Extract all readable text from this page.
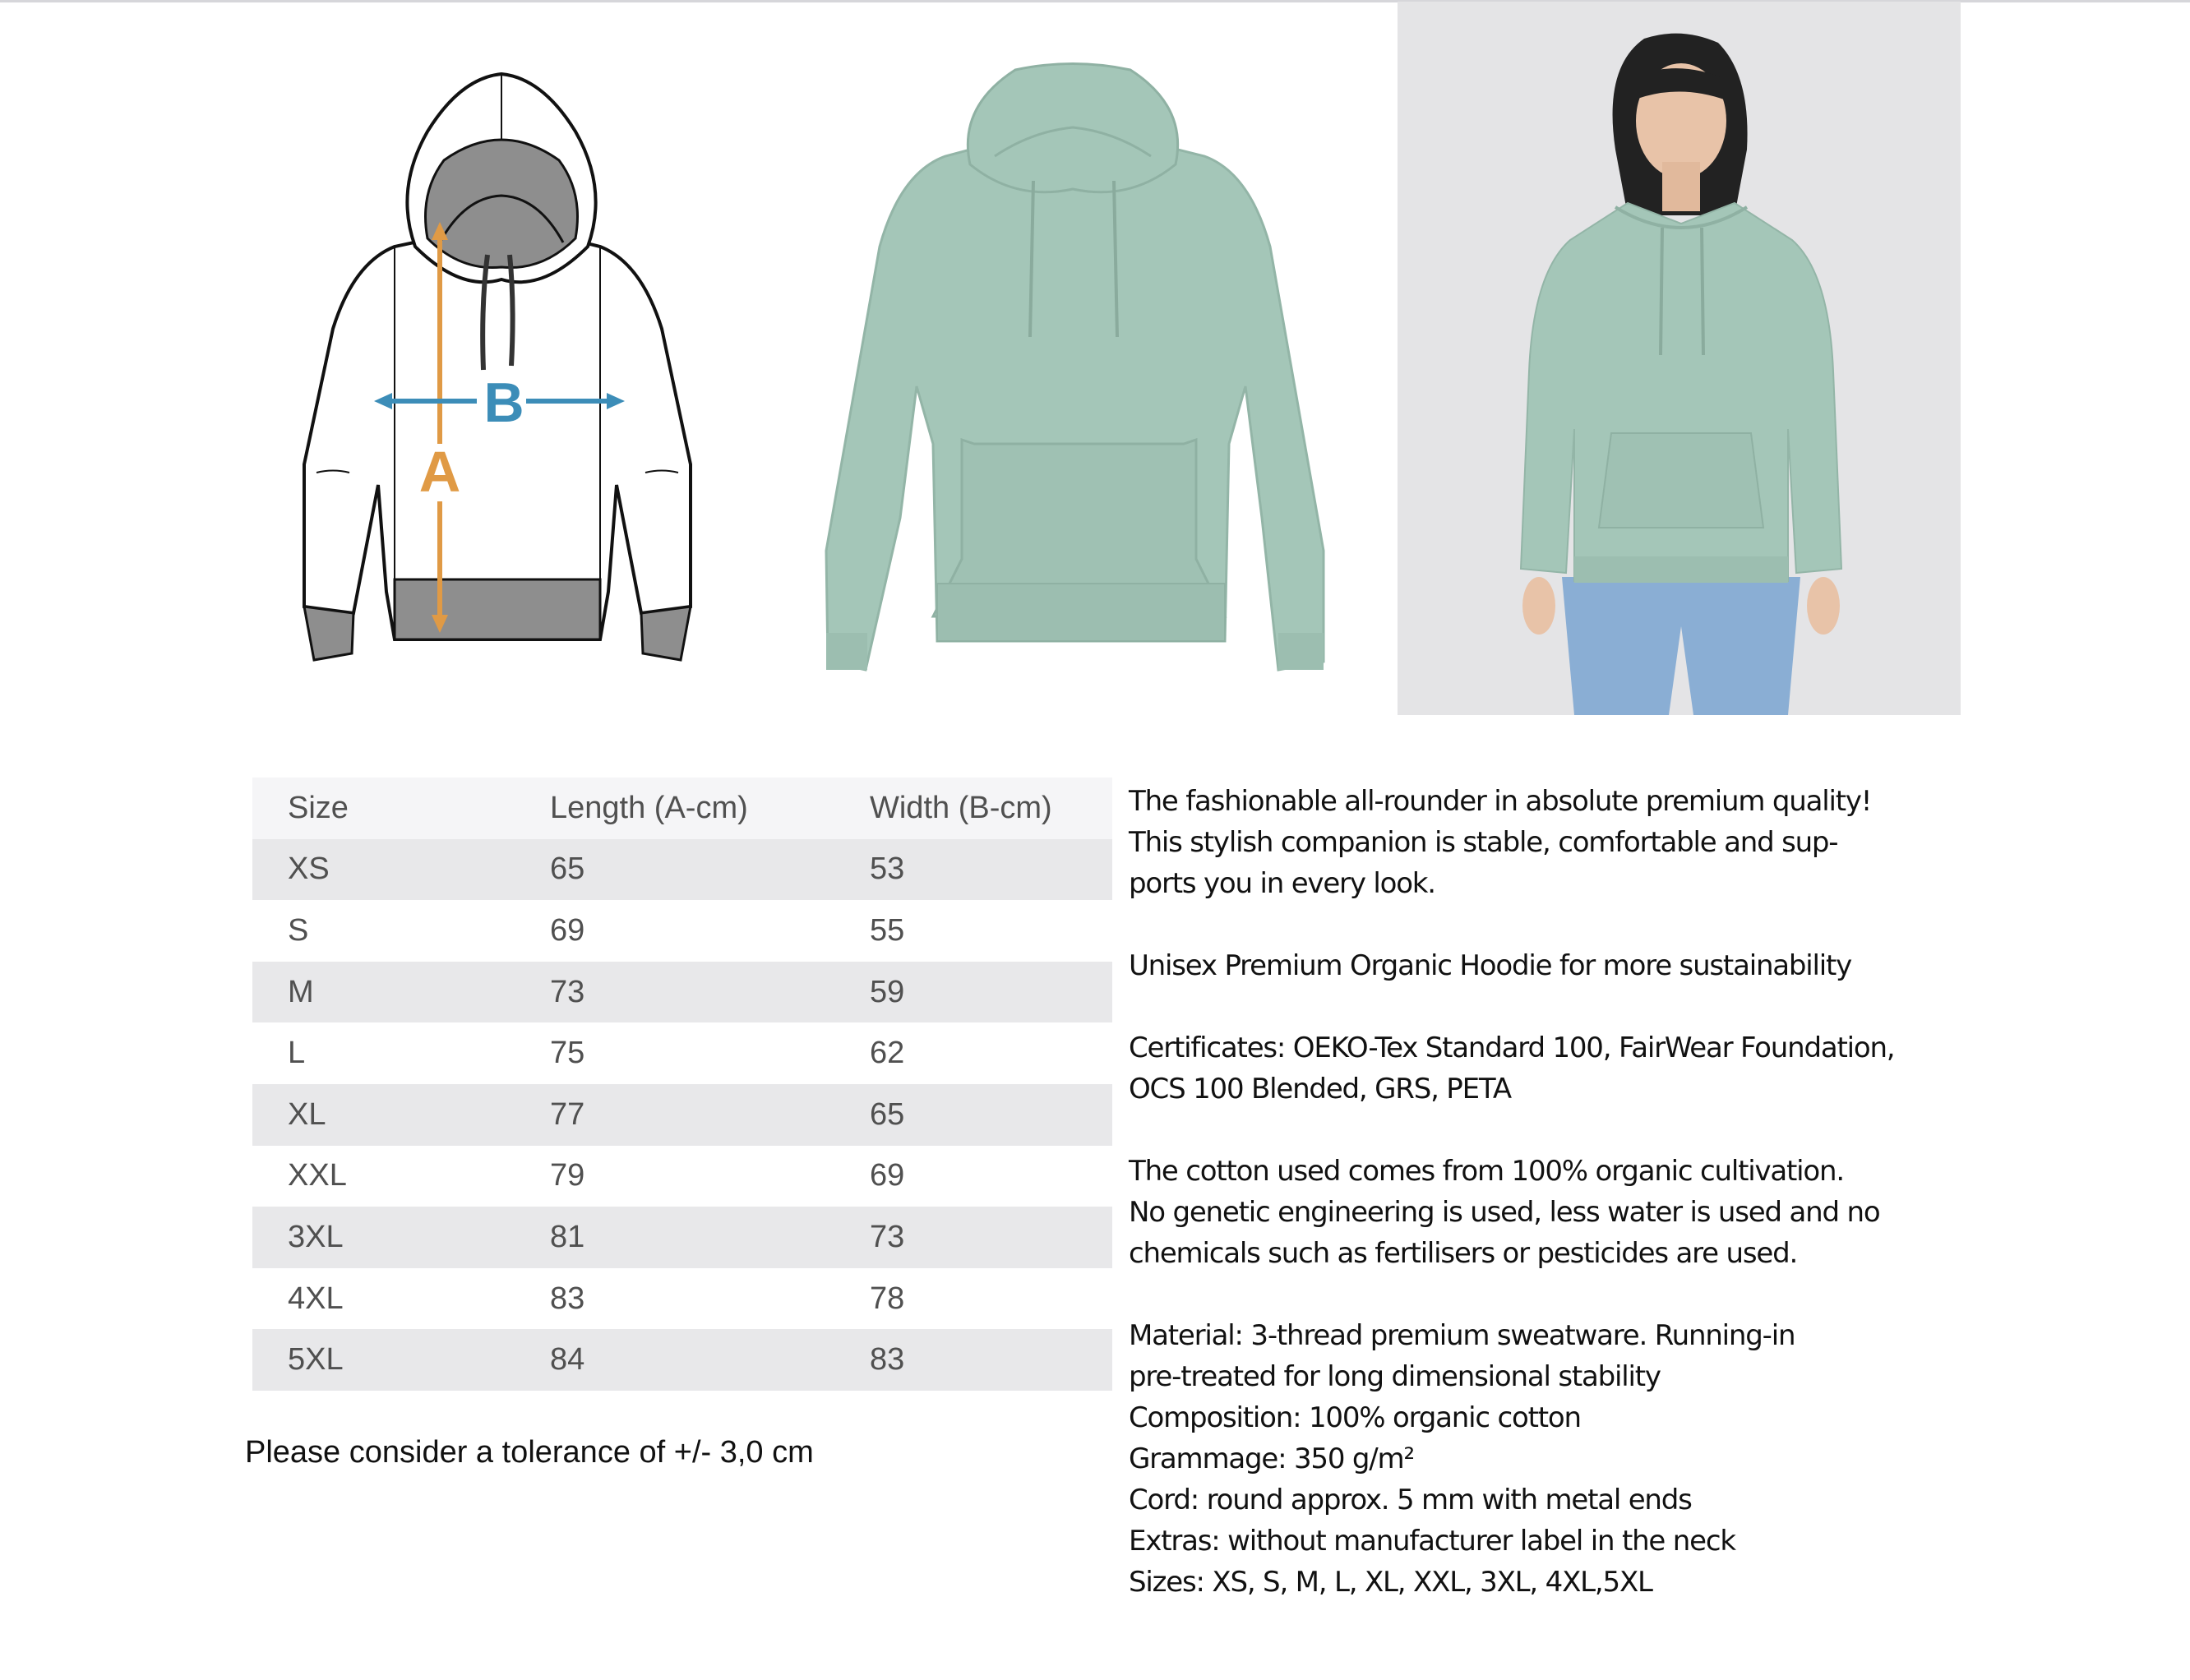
A
B
Size	Length (A-cm)	Width (B-cm)
XS	65	53
S	69	55
M	73	59
L	75	62
XL	77	65
XXL	79	69
3XL	81	73
4XL	83	78
5XL	84	83
Please consider a tolerance of +/- 3,0 cm
The fashionable all-rounder in absolute premium quality!
This stylish companion is stable, comfortable and sup-
ports you in every look.
Unisex Premium Organic Hoodie for more sustainability
Certificates: OEKO-Tex Standard 100, FairWear Foundation,
OCS 100 Blended, GRS, PETA
The cotton used comes from 100% organic cultivation.
No genetic engineering is used, less water is used and no
chemicals such as fertilisers or pesticides are used.
Material: 3-thread premium sweatware. Running-in
pre-treated for long dimensional stability
Composition: 100% organic cotton
Grammage: 350 g/m²
Cord: round approx. 5 mm with metal ends
Extras: without manufacturer label in the neck
Sizes: XS, S, M, L, XL, XXL, 3XL, 4XL,5XL
